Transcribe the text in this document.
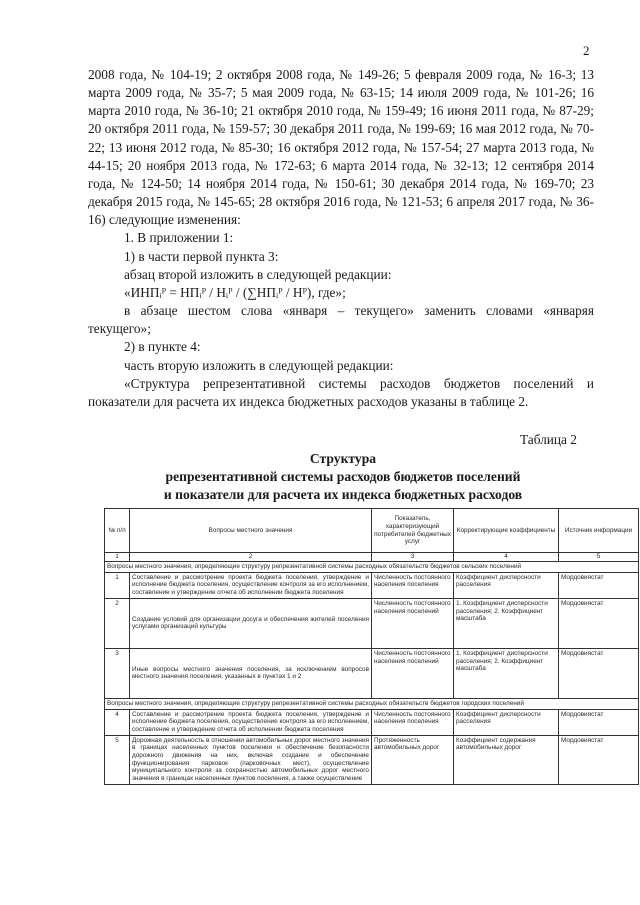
2

2008 года, № 104-19; 2 октября 2008 года, № 149-26; 5 февраля 2009 года, № 16-3; 13 марта 2009 года, № 35-7; 5 мая 2009 года, № 63-15; 14 июля 2009 года, № 101-26; 16 марта 2010 года, № 36-10; 21 октября 2010 года, № 159-49; 16 июня 2011 года, № 87-29; 20 октября 2011 года, № 159-57; 30 декабря 2011 года, № 199-69; 16 мая 2012 года, № 70-22; 13 июня 2012 года, № 85-30; 16 октября 2012 года, № 157-54; 27 марта 2013 года, № 44-15; 20 ноября 2013 года, № 172-63; 6 марта 2014 года, № 32-13; 12 сентября 2014 года, № 124-50; 14 ноября 2014 года, № 150-61; 30 декабря 2014 года, № 169-70; 23 декабря 2015 года, № 145-65; 28 октября 2016 года, № 121-53; 6 апреля 2017 года, № 36-16) следующие изменения:

1. В приложении 1:

1) в части первой пункта 3:

абзац второй изложить в следующей редакции:

«ИНПᵢᴾ = НПᵢᴾ / Нᵢᴾ / (∑НПᵢᴾ / Нᴾ), где»;

в абзаце шестом слова «января – текущего» заменить словами «январяя текущего»;

2) в пункте 4:

часть вторую изложить в следующей редакции:

«Структура репрезентативной системы расходов бюджетов поселений и показатели для расчета их индекса бюджетных расходов указаны в таблице 2.

Таблица 2
Структура
репрезентативной системы расходов бюджетов поселений
и показатели для расчета их индекса бюджетных расходов
№ п/п	Вопросы местного значения	Показатель, характеризующий потребителей бюджетных услуг	Корректирующие коэффициенты	Источник информации
1	2	3	4	5
Вопросы местного значения, определяющие структуру репрезентативной системы расходных обязательств бюджетов сельских поселений				
1	Составление и рассмотрение проекта бюджета поселения, утверждение и исполнение бюджета поселения, осуществление контроля за его исполнением, составление и утверждение отчета об исполнении бюджета поселения	Численность постоянного населения поселения	Коэффициент дисперсности расселения	Мордовиястат
2	Создание условий для организации досуга и обеспечения жителей поселения услугами организаций культуры	Численность постоянного населения поселений	1. Коэффициент дисперсности расселения; 2. Коэффициент масштаба	Мордовиястат
3	Иные вопросы местного значения поселения, за исключением вопросов местного значения поселения, указанных в пунктах 1 и 2	Численность постоянного населения поселений	1. Коэффициент дисперсности расселения; 2. Коэффициент масштаба	Мордовиястат
Вопросы местного значения, определяющие структуру репрезентативной системы расходных обязательств бюджетов городских поселений				
4	Составление и рассмотрение проекта бюджета поселения, утверждение и исполнение бюджета поселения, осуществление контроля за его исполнением, составление и утверждение отчета об исполнении бюджета поселения	Численность постоянного населения поселения	Коэффициент дисперсности расселения	Мордовиястат
5	Дорожная деятельность в отношении автомобильных дорог местного значения в границах населенных пунктов поселения и обеспечение безопасности дорожного движения на них, включая создание и обеспечение функционирования парковок (парковочных мест), осуществление муниципального контроля за сохранностью автомобильных дорог местного значения в границах населенных пунктов поселения, а также осуществление	Протяженность автомобильных дорог	Коэффициент содержания автомобильных дорог	Мордовиястат
